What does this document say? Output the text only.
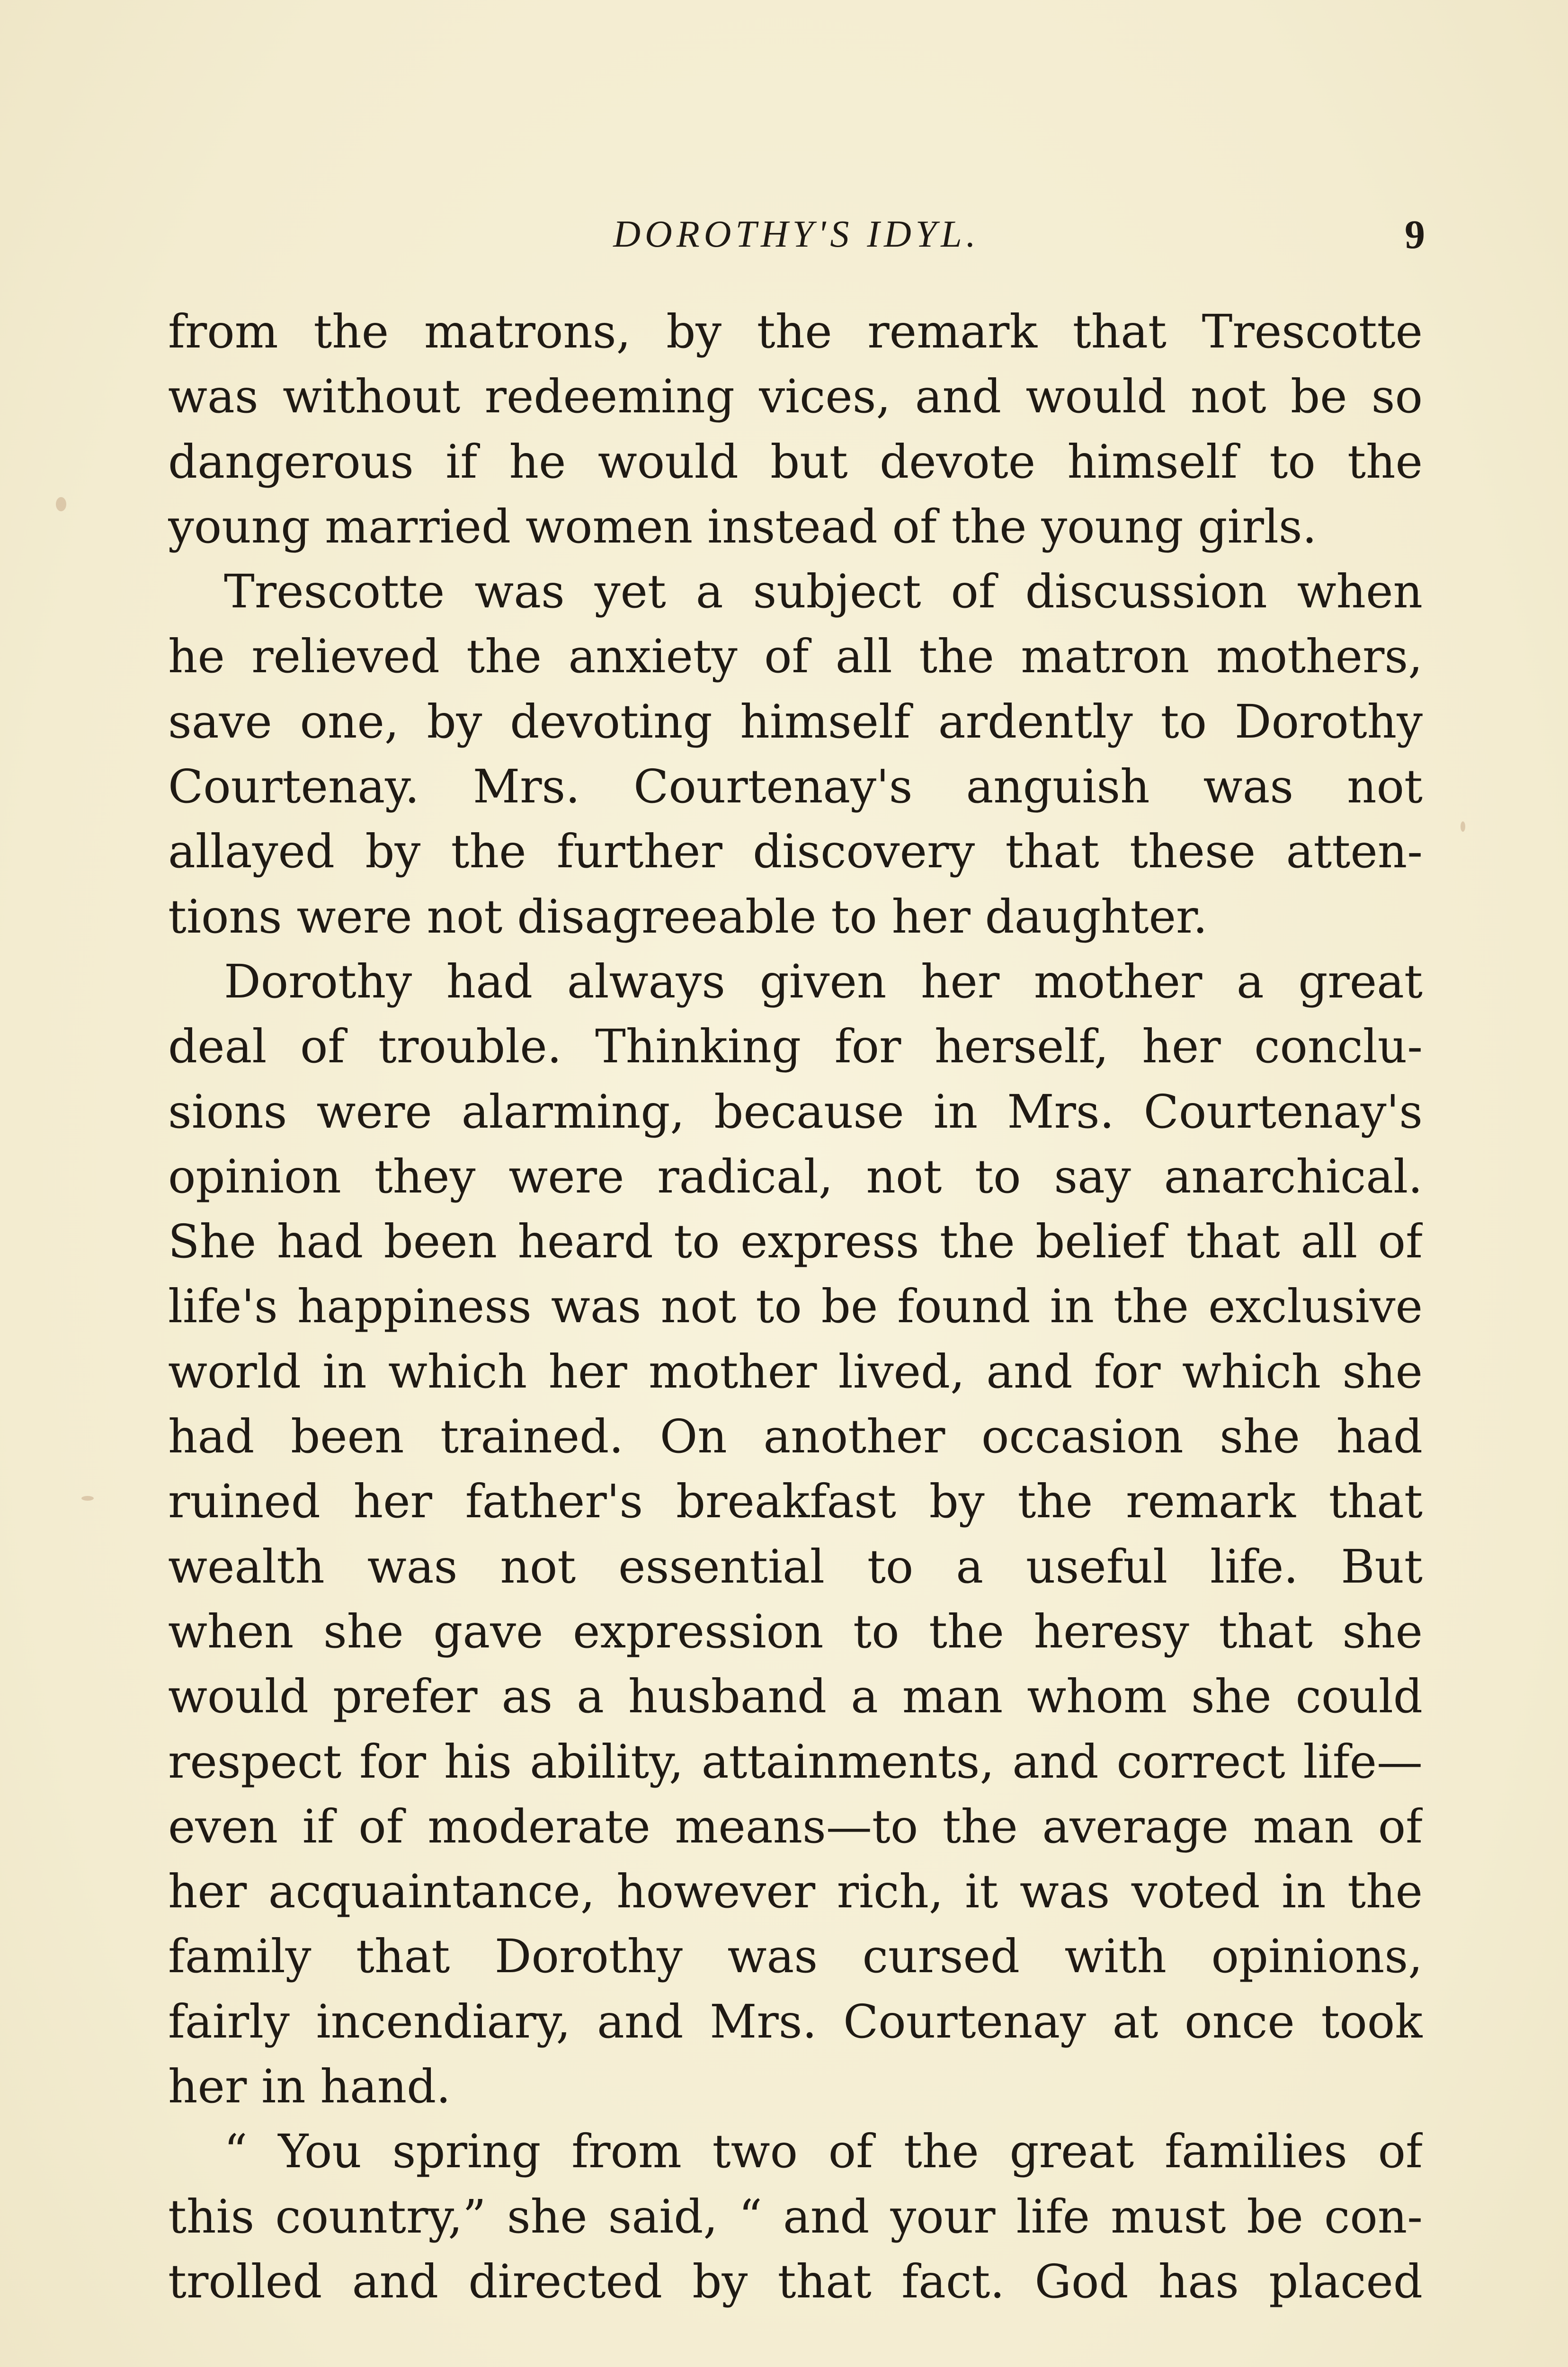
DOROTHY'S IDYL.	9

from the matrons, by the remark that Trescotte
was without redeeming vices, and would not be so
dangerous if he would but devote himself to the
young married women instead of the young girls.

Trescotte was yet a subject of discussion when
he relieved the anxiety of all the matron mothers,
save one, by devoting himself ardently to Dorothy
Courtenay. Mrs. Courtenay's anguish was not
allayed by the further discovery that these atten-
tions were not disagreeable to her daughter.

Dorothy had always given her mother a great
deal of trouble. Thinking for herself, her conclu-
sions were alarming, because in Mrs. Courtenay's
opinion they were radical, not to say anarchical.
She had been heard to express the belief that all of
life's happiness was not to be found in the exclusive
world in which her mother lived, and for which she
had been trained. On another occasion she had
ruined her father's breakfast by the remark that
wealth was not essential to a useful life. But
when she gave expression to the heresy that she
would prefer as a husband a man whom she could
respect for his ability, attainments, and correct life—
even if of moderate means—to the average man of
her acquaintance, however rich, it was voted in the
family that Dorothy was cursed with opinions,
fairly incendiary, and Mrs. Courtenay at once took
her in hand.

“ You spring from two of the great families of
this country,” she said, “ and your life must be con-
trolled and directed by that fact. God has placed
